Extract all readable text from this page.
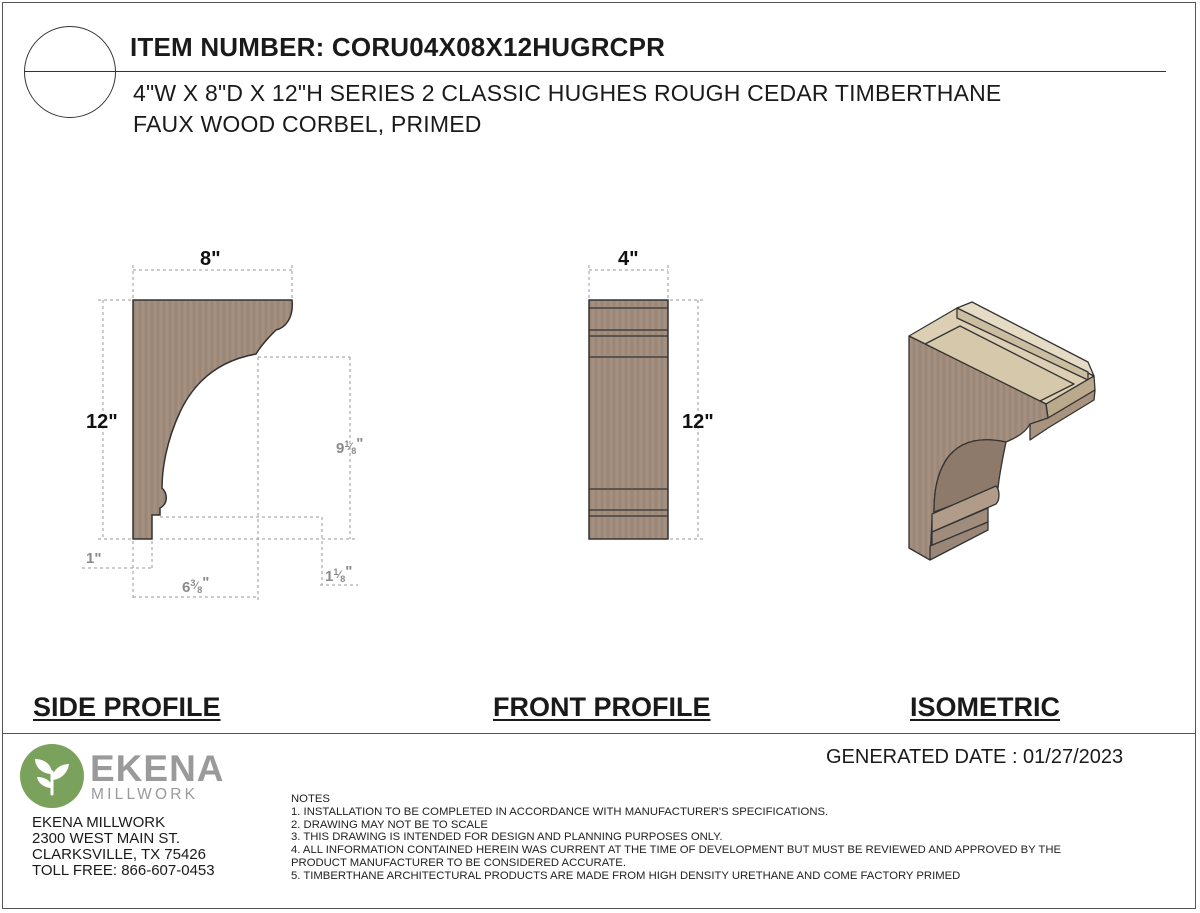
ITEM NUMBER: CORU04X08X12HUGRCPR
4"W X 8"D X 12"H SERIES 2 CLASSIC HUGHES ROUGH CEDAR TIMBERTHANE
FAUX WOOD CORBEL, PRIMED
8"
12"
$9^1_{⁄8}$"
1"
$6^3_{⁄8}$"	$1^1_{⁄8}$"
4"
12"
SIDE PROFILE	FRONT PROFILE	ISOMETRIC
GENERATED DATE : 01/27/2023
EKENA
MILLWORK
EKENA MILLWORK
2300 WEST MAIN ST.
CLARKSVILLE, TX 75426
TOLL FREE: 866-607-0453
NOTES
1. INSTALLATION TO BE COMPLETED IN ACCORDANCE WITH MANUFACTURER'S SPECIFICATIONS.
2. DRAWING MAY NOT BE TO SCALE
3. THIS DRAWING IS INTENDED FOR DESIGN AND PLANNING PURPOSES ONLY.
4. ALL INFORMATION CONTAINED HEREIN WAS CURRENT AT THE TIME OF DEVELOPMENT BUT MUST BE REVIEWED AND APPROVED BY THE
PRODUCT MANUFACTURER TO BE CONSIDERED ACCURATE.
5. TIMBERTHANE ARCHITECTURAL PRODUCTS ARE MADE FROM HIGH DENSITY URETHANE AND COME FACTORY PRIMED
